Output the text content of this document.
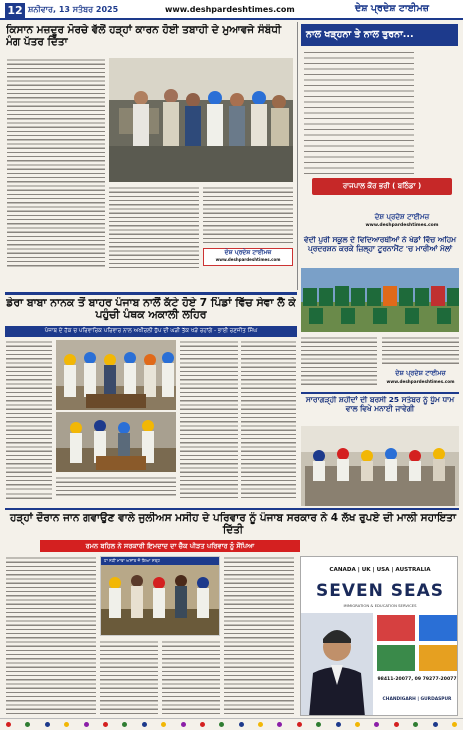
12 ਸ਼ਨੀਵਾਰ, 13 ਸਤੰਬਰ 2025	www.deshpardeshtimes.com	ਦੇਸ਼ ਪ੍ਰਦੇਸ਼ ਟਾਈਮਜ਼
ਕਿਸਾਨ ਮਜ਼ਦੂਰ ਮੋਰਚੇ ਵੱਲੋਂ ਹੜ੍ਹਾਂ ਕਾਰਨ ਹੋਈ ਤਬਾਹੀ ਦੇ ਮੁਆਵਜੇ ਸੰਬੰਧੀ ਮੰਗ ਪੱਤਰ ਦਿੱਤਾ
ਦੇਸ਼ ਪ੍ਰਦੇਸ਼ ਟਾਈਮਜ਼
www.deshpardeshtimes.com
ਨਾਲ ਖੜ੍ਹਨਾ ਤੇ ਨਾਲ ਤੁਰਨਾ...
ਰਾਜਪਾਲ ਕੌਰ ਭਰੀ ( ਬਠਿੰਡਾ )
ਦੇਸ਼ ਪ੍ਰਦੇਸ਼ ਟਾਈਮਜ਼
www.deshpardeshtimes.com
ਵੇਦੀ ਪੁਰੀ ਸਕੂਲ ਦੇ ਵਿਦਿਆਰਥੀਆਂ ਨੇ ਖੇਡਾਂ ਵਿੱਚ ਅਹਿਮ ਪ੍ਰਦਰਸ਼ਨ ਕਰਕੇ ਜ਼ਿਲ੍ਹਾ ਟੂਰਨਾਮੈਂਟ 'ਚ ਮਾਰੀਆਂ ਮੱਲਾਂ
ਦੇਸ਼ ਪ੍ਰਦੇਸ਼ ਟਾਈਮਜ਼
www.deshpardeshtimes.com
ਡੇਰਾ ਬਾਬਾ ਨਾਨਕ ਤੋਂ ਬਾਹਰ ਪੰਜਾਬ ਨਾਲੋਂ ਕੱਟੇ ਹੋਏ 7 ਪਿੰਡਾਂ ਵਿੱਚ ਸੇਵਾ ਲੈ ਕੇ ਪਹੁੰਚੀ ਪੰਥਕ ਅਕਾਲੀ ਲਹਿਰ
ਪੰਜਾਬ ਦੇ ਹੱਕ ਚ ਪਰਿਵਾਰਿਕ ਪਰਿਵਾਰ ਨਾਲ ਅਖੀਰਲੀ ਧੁੱਪ ਦੀ ਘੜੀ ਤੱਕ ਖੜੇ ਰਹਾਂਗੇ - ਭਾਈ ਰਣਜੀਤ ਸਿੰਘ
ਸਾਰਾਗੜ੍ਹੀ ਸ਼ਹੀਦਾਂ ਦੀ ਬਰਸੀ 25 ਸਤੰਬਰ ਨੂੰ ਧੂੰਮ ਧਾਮ ਵਾਲ ਵਿਖੇ ਮਨਾਈ ਜਾਵੇਗੀ
ਹੜ੍ਹਾਂ ਦੌਰਾਨ ਜਾਨ ਗਵਾਉਣ ਵਾਲੇ ਜੁਲੀਅਸ ਮਸੀਹ ਦੇ ਪਰਿਵਾਰ ਨੂੰ ਪੰਜਾਬ ਸਰਕਾਰ ਨੇ 4 ਲੱਖ ਰੁਪਏ ਦੀ ਮਾਲੀ ਸਹਾਇਤਾ ਦਿੱਤੀ
ਰਮਨ ਬਹਿਲ ਨੇ ਸਰਕਾਰੀ ਇਮਦਾਦ ਦਾ ਚੈੱਕ ਪੀੜਤ ਪਰਿਵਾਰ ਨੂੰ ਸੌਂਪਿਆ
ਹਾ ਨਹੀਂ ਮਾਤਾ ਅਸਾਂਤ ਜੋ ਗਿਆ ਸਤ੍ਹ
CANADA | UK | USA | AUSTRALIA
SEVEN SEAS
IMMIGRATION & EDUCATION SERVICES
98411-20077, 09 79277-20077
CHANDIGARH | GURDASPUR
